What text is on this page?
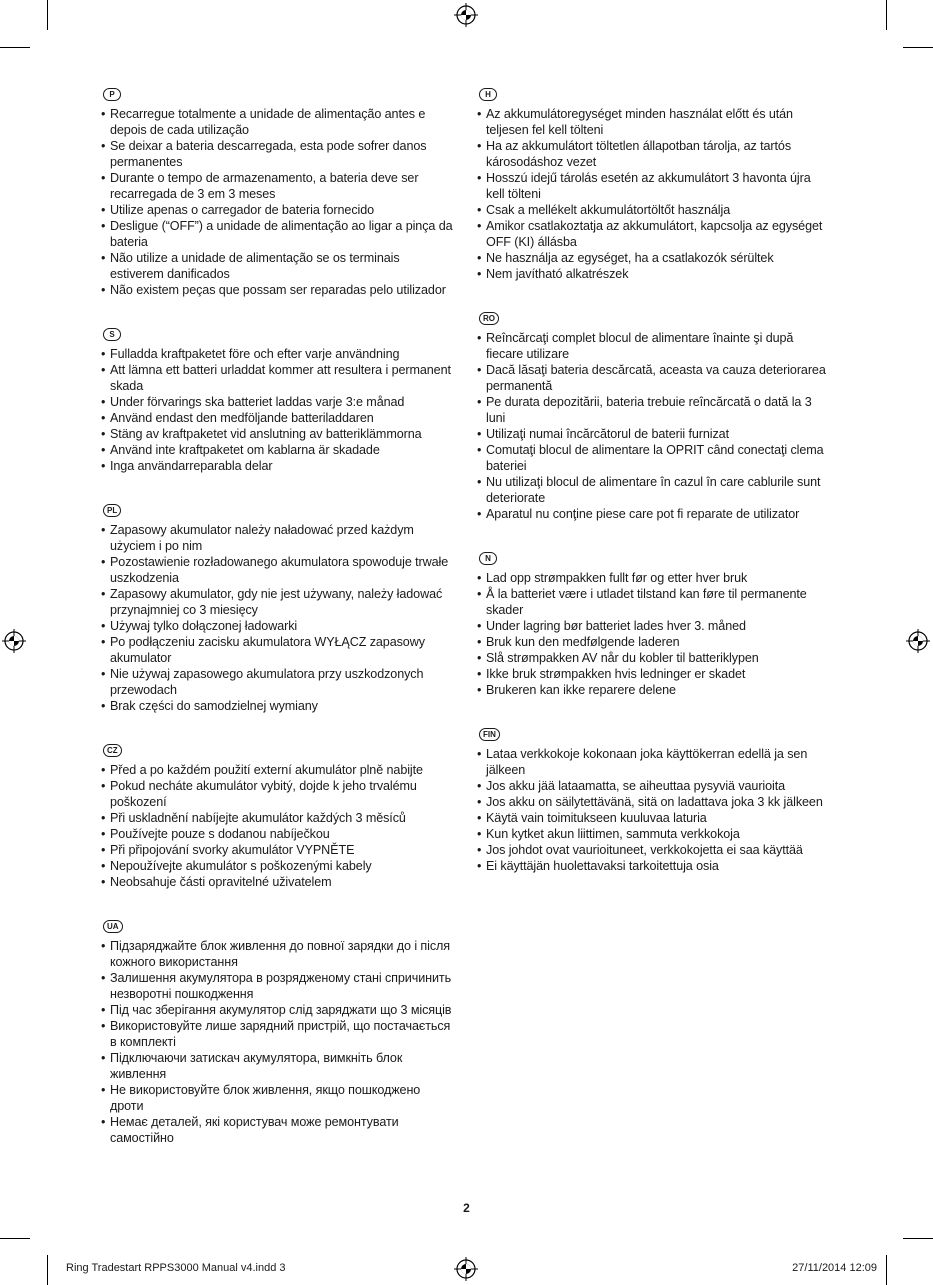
P
• Recarregue totalmente a unidade de alimentação antes e depois de cada utilização
• Se deixar a bateria descarregada, esta pode sofrer danos permanentes
• Durante o tempo de armazenamento, a bateria deve ser recarregada de 3 em 3 meses
• Utilize apenas o carregador de bateria fornecido
• Desligue (“OFF”) a unidade de alimentação ao ligar a pinça da bateria
• Não utilize a unidade de alimentação se os terminais estiverem danificados
• Não existem peças que possam ser reparadas pelo utilizador
S
• Fulladda kraftpaketet före och efter varje användning
• Att lämna ett batteri urladdat kommer att resultera i permanent skada
• Under förvarings ska batteriet laddas varje 3:e månad
• Använd endast den medföljande batteriladdaren
• Stäng av kraftpaketet vid anslutning av batteriklämmorna
• Använd inte kraftpaketet om kablarna är skadade
• Inga användarreparabla delar
PL
• Zapasowy akumulator należy naładować przed każdym użyciem i po nim
• Pozostawienie rozładowanego akumulatora spowoduje trwałe uszkodzenia
• Zapasowy akumulator, gdy nie jest używany, należy ładować przynajmniej co 3 miesięcy
• Używaj tylko dołączonej ładowarki
• Po podłączeniu zacisku akumulatora WYŁĄCZ zapasowy akumulator
• Nie używaj zapasowego akumulatora przy uszkodzonych przewodach
• Brak części do samodzielnej wymiany
CZ
• Před a po každém použití externí akumulátor plně nabijte
• Pokud necháte akumulátor vybitý, dojde k jeho trvalému poškození
• Při uskladnění nabíjejte akumulátor každých 3 měsíců
• Používejte pouze s dodanou nabíječkou
• Při připojování svorky akumulátor VYPNĚTE
• Nepoužívejte akumulátor s poškozenými kabely
• Neobsahuje části opravitelné uživatelem
UA
• Підзаряджайте блок живлення до повної зарядки до і після кожного використання
• Залишення акумулятора в розрядженому стані спричинить незворотні пошкодження
• Під час зберігання акумулятор слід заряджати що 3 місяців
• Використовуйте лише зарядний пристрій, що постачається в комплекті
• Підключаючи затискач акумулятора, вимкніть блок живлення
• Не використовуйте блок живлення, якщо пошкоджено дроти
• Немає деталей, які користувач може ремонтувати самостійно
H
• Az akkumulátoregységet minden használat előtt és után teljesen fel kell tölteni
• Ha az akkumulátort töltetlen állapotban tárolja, az tartós károsodáshoz vezet
• Hosszú idejű tárolás esetén az akkumulátort 3 havonta újra kell tölteni
• Csak a mellékelt akkumulátortöltőt használja
• Amikor csatlakoztatja az akkumulátort, kapcsolja az egységet OFF (KI) állásba
• Ne használja az egységet, ha a csatlakozók sérültek
• Nem javítható alkatrészek
RO
• Reîncărcaţi complet blocul de alimentare înainte şi după fiecare utilizare
• Dacă lăsaţi bateria descărcată, aceasta va cauza deteriorarea permanentă
• Pe durata depozitării, bateria trebuie reîncărcată o dată la 3 luni
• Utilizaţi numai încărcătorul de baterii furnizat
• Comutaţi blocul de alimentare la OPRIT când conectaţi clema bateriei
• Nu utilizaţi blocul de alimentare în cazul în care cablurile sunt deteriorate
• Aparatul nu conţine piese care pot fi reparate de utilizator
N
• Lad opp strømpakken fullt før og etter hver bruk
• Å la batteriet være i utladet tilstand kan føre til permanente skader
• Under lagring bør batteriet lades hver 3. måned
• Bruk kun den medfølgende laderen
• Slå strømpakken AV når du kobler til batteriklypen
• Ikke bruk strømpakken hvis ledninger er skadet
• Brukeren kan ikke reparere delene
FIN
• Lataa verkkokoje kokonaan joka käyttökerran edellä ja sen jälkeen
• Jos akku jää lataamatta, se aiheuttaa pysyviä vaurioita
• Jos akku on säilytettävänä, sitä on ladattava joka 3 kk jälkeen
• Käytä vain toimitukseen kuuluvaa laturia
• Kun kytket akun liittimen, sammuta verkkokoja
• Jos johdot ovat vaurioituneet, verkkokojetta ei saa käyttää
• Ei käyttäjän huolettavaksi tarkoitettuja osia
2
Ring Tradestart RPPS3000 Manual v4.indd 3	27/11/2014 12:09
